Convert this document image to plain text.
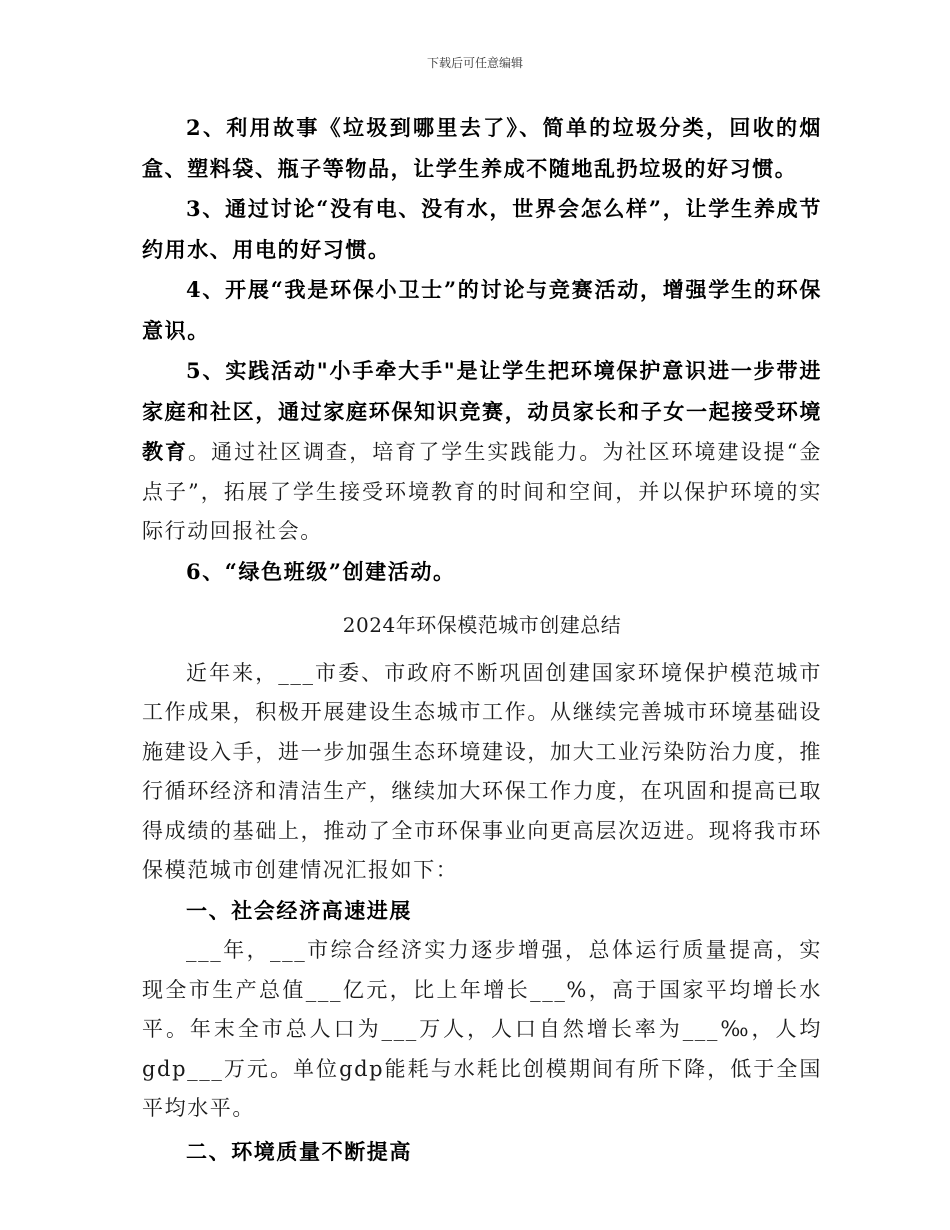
下载后可任意编辑

2、利用故事《垃圾到哪里去了》、简单的垃圾分类，回收的烟盒、塑料袋、瓶子等物品，让学生养成不随地乱扔垃圾的好习惯。

3、通过讨论“没有电、没有水，世界会怎么样”，让学生养成节约用水、用电的好习惯。

4、开展“我是环保小卫士”的讨论与竞赛活动，增强学生的环保意识。

5、实践活动"小手牵大手"是让学生把环境保护意识进一步带进家庭和社区，通过家庭环保知识竞赛，动员家长和子女一起接受环境教育。通过社区调查，培育了学生实践能力。为社区环境建设提“金点子”，拓展了学生接受环境教育的时间和空间，并以保护环境的实际行动回报社会。

6、“绿色班级”创建活动。

2024年环保模范城市创建总结

近年来，___市委、市政府不断巩固创建国家环境保护模范城市工作成果，积极开展建设生态城市工作。从继续完善城市环境基础设施建设入手，进一步加强生态环境建设，加大工业污染防治力度，推行循环经济和清洁生产，继续加大环保工作力度，在巩固和提高已取得成绩的基础上，推动了全市环保事业向更高层次迈进。现将我市环保模范城市创建情况汇报如下：

一、社会经济高速进展

___年，___市综合经济实力逐步增强，总体运行质量提高，实现全市生产总值___亿元，比上年增长___%，高于国家平均增长水平。年末全市总人口为___万人，人口自然增长率为___‰，人均gdp___万元。单位gdp能耗与水耗比创模期间有所下降，低于全国平均水平。

二、环境质量不断提高
